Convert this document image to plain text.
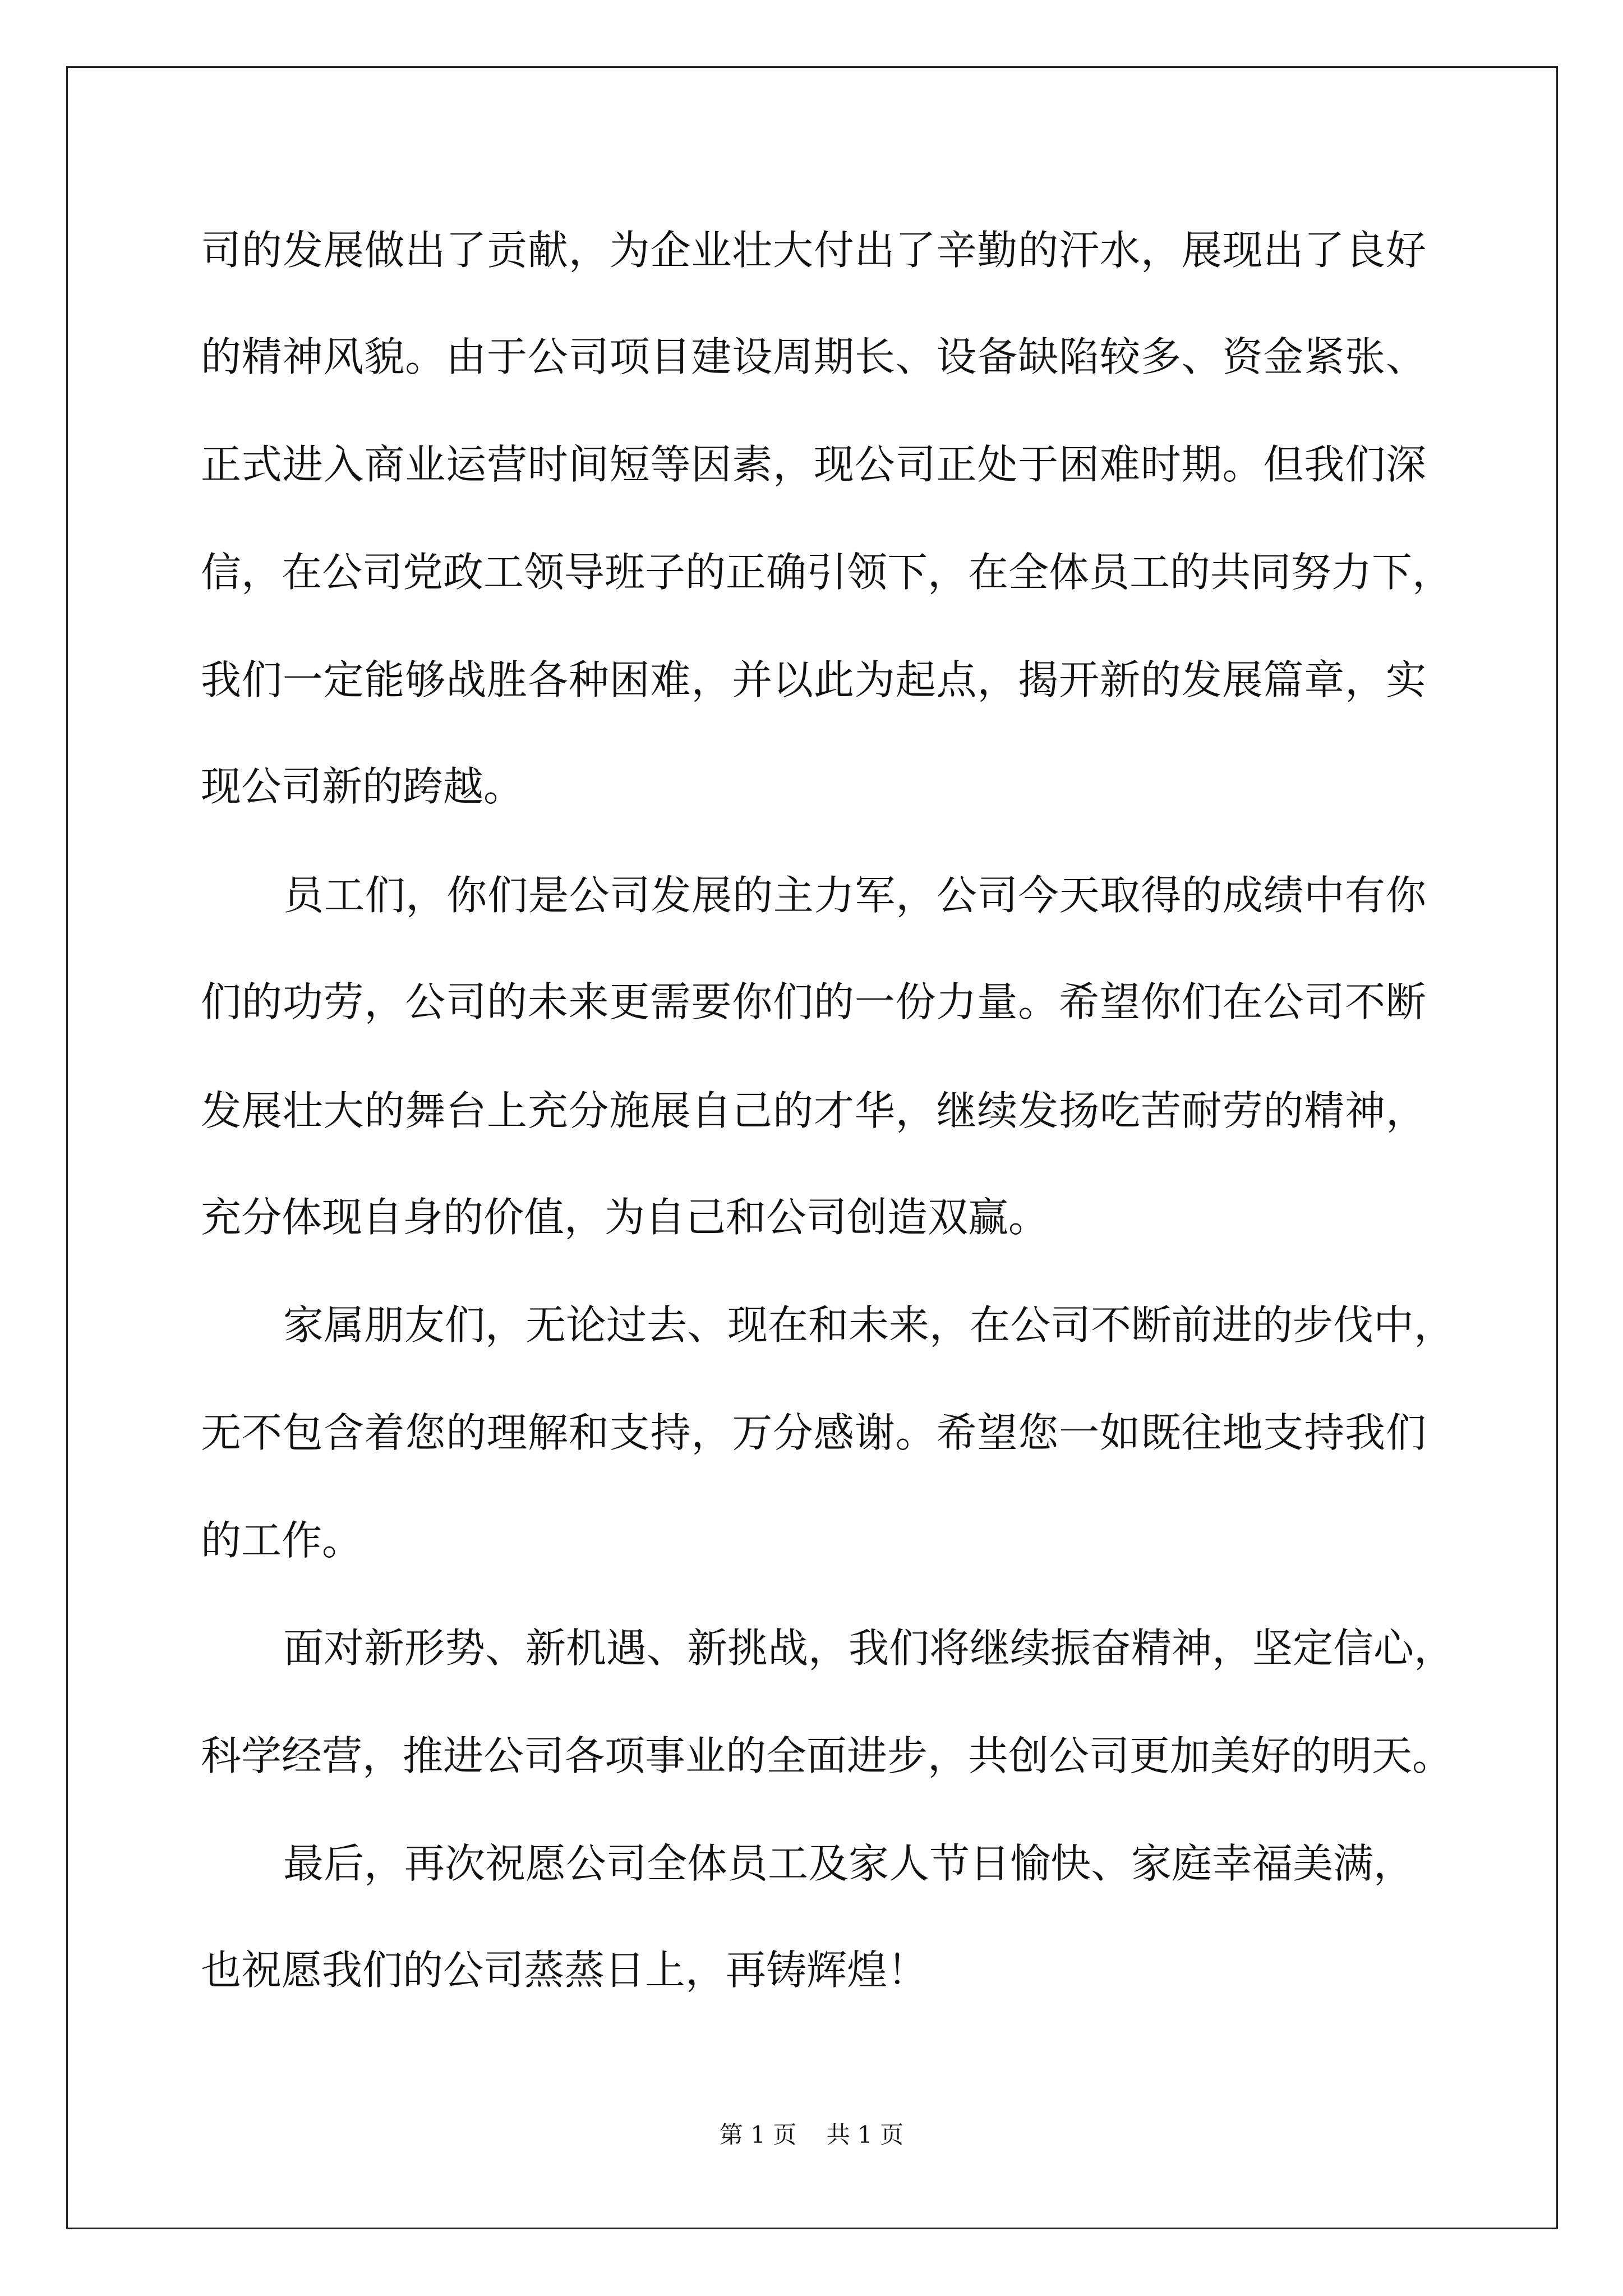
司的发展做出了贡献，为企业壮大付出了辛勤的汗水，展现出了良好
的精神风貌。由于公司项目建设周期长、设备缺陷较多、资金紧张、
正式进入商业运营时间短等因素，现公司正处于困难时期。但我们深
信，在公司党政工领导班子的正确引领下，在全体员工的共同努力下，
我们一定能够战胜各种困难，并以此为起点，揭开新的发展篇章，实
现公司新的跨越。
员工们，你们是公司发展的主力军，公司今天取得的成绩中有你
们的功劳，公司的未来更需要你们的一份力量。希望你们在公司不断
发展壮大的舞台上充分施展自己的才华，继续发扬吃苦耐劳的精神，
充分体现自身的价值，为自己和公司创造双赢。
家属朋友们，无论过去、现在和未来，在公司不断前进的步伐中，
无不包含着您的理解和支持，万分感谢。希望您一如既往地支持我们
的工作。
面对新形势、新机遇、新挑战，我们将继续振奋精神，坚定信心，
科学经营，推进公司各项事业的全面进步，共创公司更加美好的明天。
最后，再次祝愿公司全体员工及家人节日愉快、家庭幸福美满，
也祝愿我们的公司蒸蒸日上，再铸辉煌！
第 1 页    共 1 页
